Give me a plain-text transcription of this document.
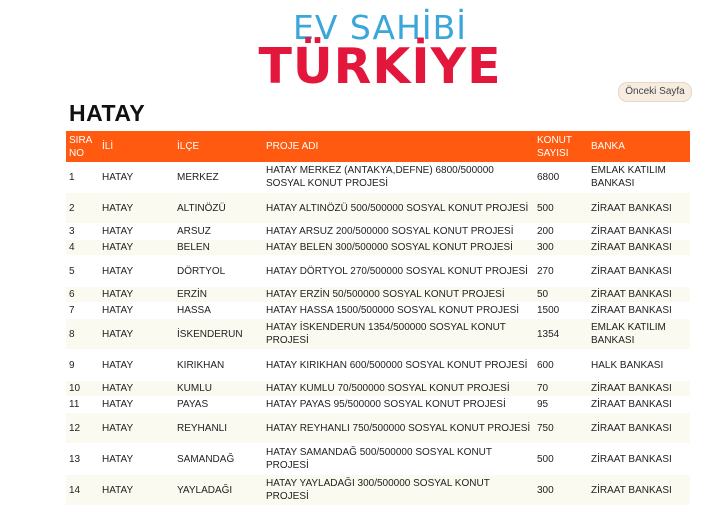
EV SAHİBİ
TÜRKİYE	Önceki Sayfa
HATAY
SIRA NO	İLİ	İLÇE	PROJE ADI	KONUT SAYISI	BANKA
1	HATAY	MERKEZ	HATAY MERKEZ (ANTAKYA,DEFNE) 6800/500000 SOSYAL KONUT PROJESİ	6800	EMLAK KATILIM BANKASI
2	HATAY	ALTINÖZÜ	HATAY ALTINÖZÜ 500/500000 SOSYAL KONUT PROJESİ	500	ZİRAAT BANKASI
3	HATAY	ARSUZ	HATAY ARSUZ 200/500000 SOSYAL KONUT PROJESİ	200	ZİRAAT BANKASI
4	HATAY	BELEN	HATAY BELEN 300/500000 SOSYAL KONUT PROJESİ	300	ZİRAAT BANKASI
5	HATAY	DÖRTYOL	HATAY DÖRTYOL 270/500000 SOSYAL KONUT PROJESİ	270	ZİRAAT BANKASI
6	HATAY	ERZİN	HATAY ERZİN 50/500000 SOSYAL KONUT PROJESİ	50	ZİRAAT BANKASI
7	HATAY	HASSA	HATAY HASSA 1500/500000 SOSYAL KONUT PROJESİ	1500	ZİRAAT BANKASI
8	HATAY	İSKENDERUN	HATAY İSKENDERUN 1354/500000 SOSYAL KONUT PROJESİ	1354	EMLAK KATILIM BANKASI
9	HATAY	KIRIKHAN	HATAY KIRIKHAN 600/500000 SOSYAL KONUT PROJESİ	600	HALK BANKASI
10	HATAY	KUMLU	HATAY KUMLU 70/500000 SOSYAL KONUT PROJESİ	70	ZİRAAT BANKASI
11	HATAY	PAYAS	HATAY PAYAS 95/500000 SOSYAL KONUT PROJESİ	95	ZİRAAT BANKASI
12	HATAY	REYHANLI	HATAY REYHANLI 750/500000 SOSYAL KONUT PROJESİ	750	ZİRAAT BANKASI
13	HATAY	SAMANDAĞ	HATAY SAMANDAĞ 500/500000 SOSYAL KONUT PROJESİ	500	ZİRAAT BANKASI
14	HATAY	YAYLADAĞI	HATAY YAYLADAĞI 300/500000 SOSYAL KONUT PROJESİ	300	ZİRAAT BANKASI
